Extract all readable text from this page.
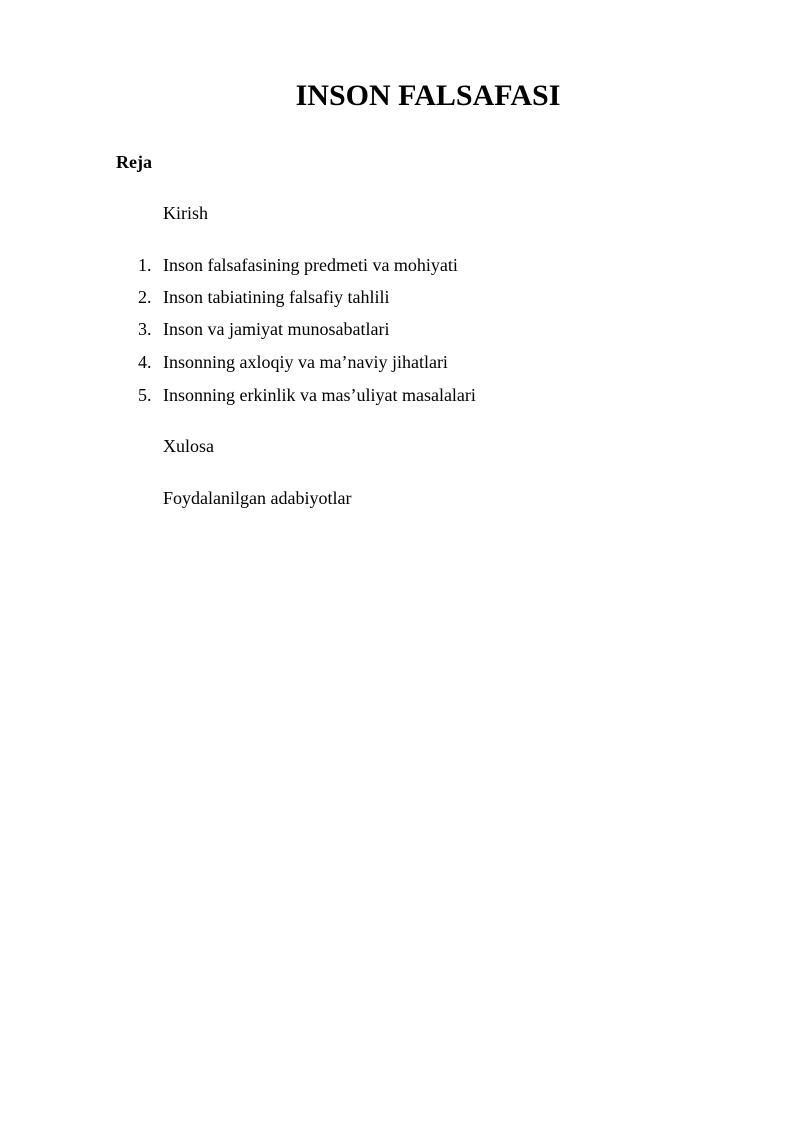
INSON FALSAFASI

Reja

Kirish

1. Inson falsafasining predmeti va mohiyati
2. Inson tabiatining falsafiy tahlili
3. Inson va jamiyat munosabatlari
4. Insonning axloqiy va ma’naviy jihatlari
5. Insonning erkinlik va mas’uliyat masalalari

Xulosa

Foydalanilgan adabiyotlar
